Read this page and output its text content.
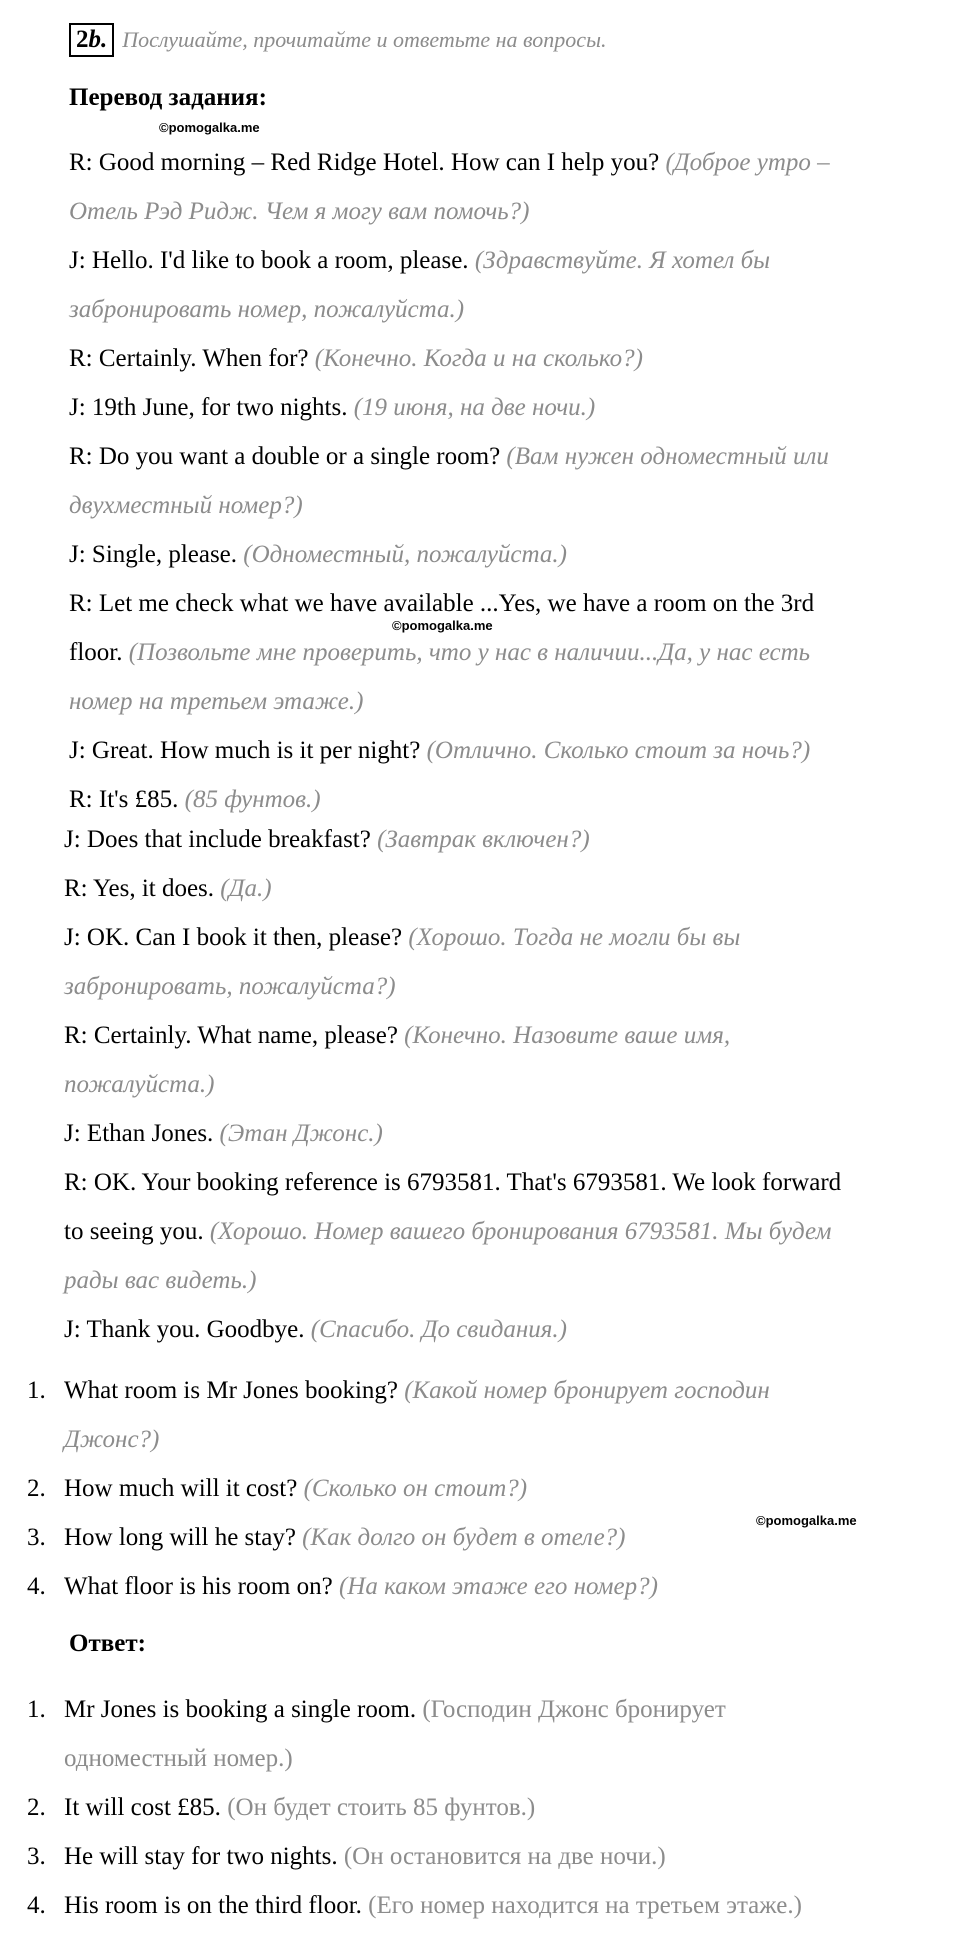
2b. Послушайте, прочитайте и ответьте на вопросы.
Перевод задания:
©pomogalka.me
R: Good morning – Red Ridge Hotel. How can I help you? (Доброе утро –
Отель Рэд Ридж. Чем я могу вам помочь?)
J: Hello. I'd like to book a room, please. (Здравствуйте. Я хотел бы
забронировать номер, пожалуйста.)
R: Certainly. When for? (Конечно. Когда и на сколько?)
J: 19th June, for two nights. (19 июня, на две ночи.)
R: Do you want a double or a single room? (Вам нужен одноместный или
двухместный номер?)
J: Single, please. (Одноместный, пожалуйста.)
R: Let me check what we have available ...Yes, we have a room on the 3rd
©pomogalka.me
floor. (Позвольте мне проверить, что у нас в наличии...Да, у нас есть
номер на третьем этаже.)
J: Great. How much is it per night? (Отлично. Сколько стоит за ночь?)
R: It's £85. (85 фунтов.)
J: Does that include breakfast? (Завтрак включен?)
R: Yes, it does. (Да.)
J: OK. Can I book it then, please? (Хорошо. Тогда не могли бы вы
забронировать, пожалуйста?)
R: Certainly. What name, please? (Конечно. Назовите ваше имя,
пожалуйста.)
J: Ethan Jones. (Этан Джонс.)
R: OK. Your booking reference is 6793581. That's 6793581. We look forward
to seeing you. (Хорошо. Номер вашего бронирования 6793581. Мы будем
рады вас видеть.)
J: Thank you. Goodbye. (Спасибо. До свидания.)
1. What room is Mr Jones booking? (Какой номер бронирует господин
Джонс?)
2. How much will it cost? (Сколько он стоит?)
©pomogalka.me
3. How long will he stay? (Как долго он будет в отеле?)
4. What floor is his room on? (На каком этаже его номер?)
Ответ:
1. Mr Jones is booking a single room. (Господин Джонс бронирует
одноместный номер.)
2. It will cost £85. (Он будет стоить 85 фунтов.)
3. He will stay for two nights. (Он остановится на две ночи.)
4. His room is on the third floor. (Его номер находится на третьем этаже.)
